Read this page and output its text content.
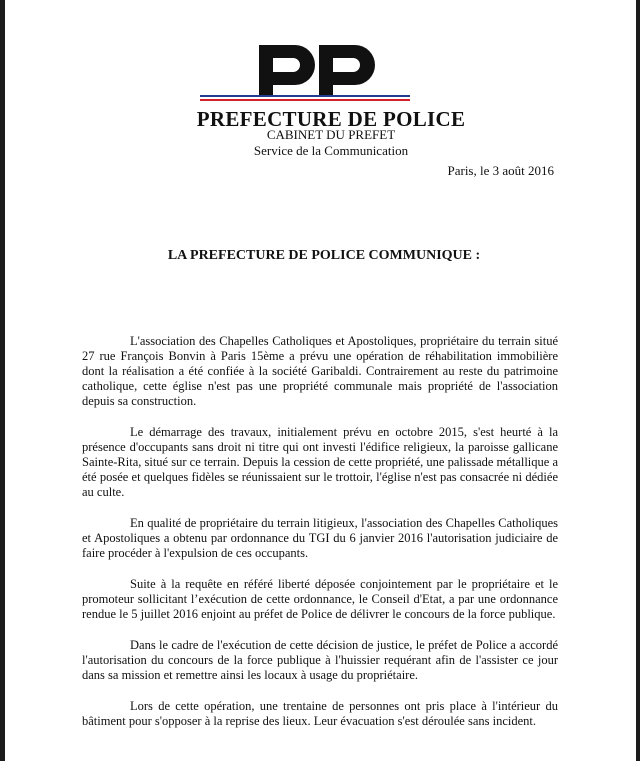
PREFECTURE DE POLICE
CABINET DU PREFET
Service de la Communication
Paris, le 3 août 2016
LA PREFECTURE DE POLICE COMMUNIQUE :

L'association des Chapelles Catholiques et Apostoliques, propriétaire du terrain situé 27 rue François Bonvin à Paris 15ème a prévu une opération de réhabilitation immobilière dont la réalisation a été confiée à la société Garibaldi. Contrairement au reste du patrimoine catholique, cette église n'est pas une propriété communale mais propriété de l'association depuis sa construction.

Le démarrage des travaux, initialement prévu en octobre 2015, s'est heurté à la présence d'occupants sans droit ni titre qui ont investi l'édifice religieux, la paroisse gallicane Sainte-Rita, situé sur ce terrain. Depuis la cession de cette propriété, une palissade métallique a été posée et quelques fidèles se réunissaient sur le trottoir, l'église n'est pas consacrée ni dédiée au culte.

En qualité de propriétaire du terrain litigieux, l'association des Chapelles Catholiques et Apostoliques a obtenu par ordonnance du TGI du 6 janvier 2016 l'autorisation judiciaire de faire procéder à l'expulsion de ces occupants.

Suite à la requête en référé liberté déposée conjointement par le propriétaire et le promoteur sollicitant l’exécution de cette ordonnance, le Conseil d'Etat, a par une ordonnance rendue le 5 juillet 2016 enjoint au préfet de Police de délivrer le concours de la force publique.

Dans le cadre de l'exécution de cette décision de justice, le préfet de Police a accordé l'autorisation du concours de la force publique à l'huissier requérant afin de l'assister ce jour dans sa mission et remettre ainsi les locaux à usage du propriétaire.

Lors de cette opération, une trentaine de personnes ont pris place à l'intérieur du bâtiment pour s'opposer à la reprise des lieux. Leur évacuation s'est déroulée sans incident.
